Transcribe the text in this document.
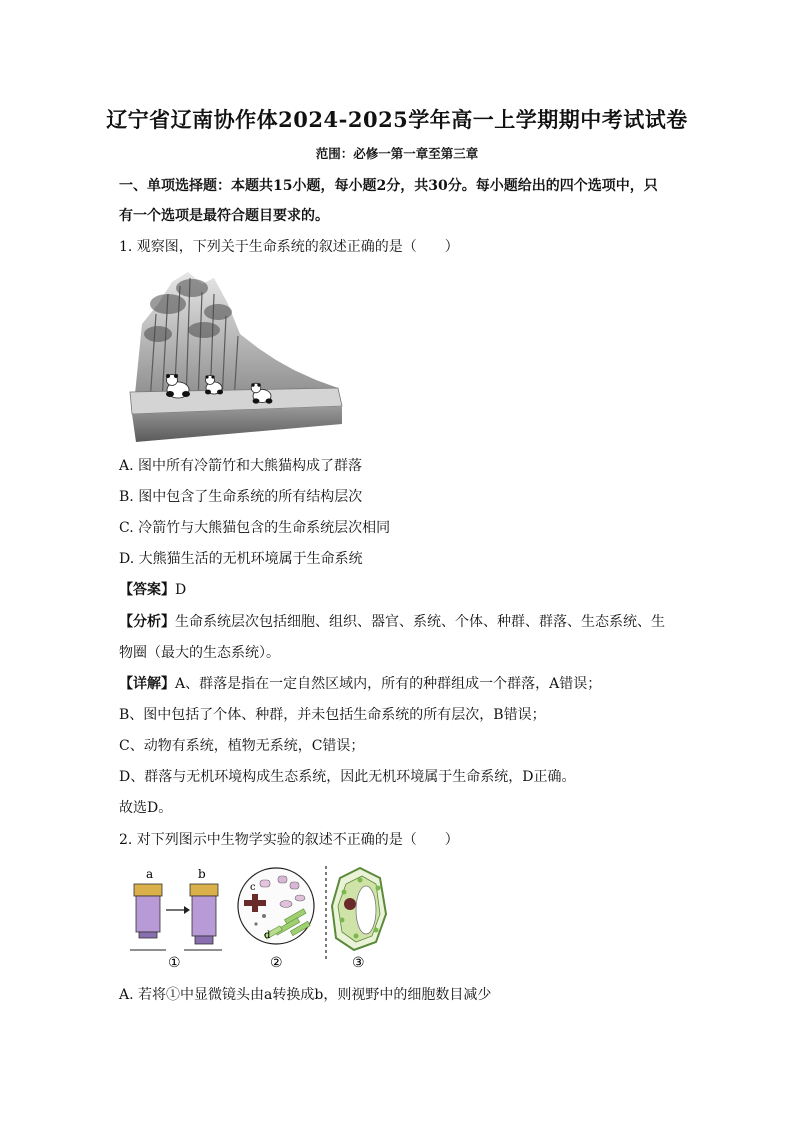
辽宁省辽南协作体2024-2025学年高一上学期期中考试试卷
范围：必修一第一章至第三章
一、单项选择题：本题共15小题，每小题2分，共30分。每小题给出的四个选项中，只
有一个选项是最符合题目要求的。
1. 观察图，下列关于生命系统的叙述正确的是（　　）
A. 图中所有冷箭竹和大熊猫构成了群落
B. 图中包含了生命系统的所有结构层次
C. 冷箭竹与大熊猫包含的生命系统层次相同
D. 大熊猫生活的无机环境属于生命系统
【答案】D
【分析】生命系统层次包括细胞、组织、器官、系统、个体、种群、群落、生态系统、生
物圈（最大的生态系统）。
【详解】A、群落是指在一定自然区域内，所有的种群组成一个群落，A错误；
B、图中包括了个体、种群，并未包括生命系统的所有层次，B错误；
C、动物有系统，植物无系统，C错误；
D、群落与无机环境构成生态系统，因此无机环境属于生命系统，D正确。
故选D。
2. 对下列图示中生物学实验的叙述不正确的是（　　）
a	b
①
c
d
②	③
A. 若将①中显微镜头由a转换成b，则视野中的细胞数目减少
